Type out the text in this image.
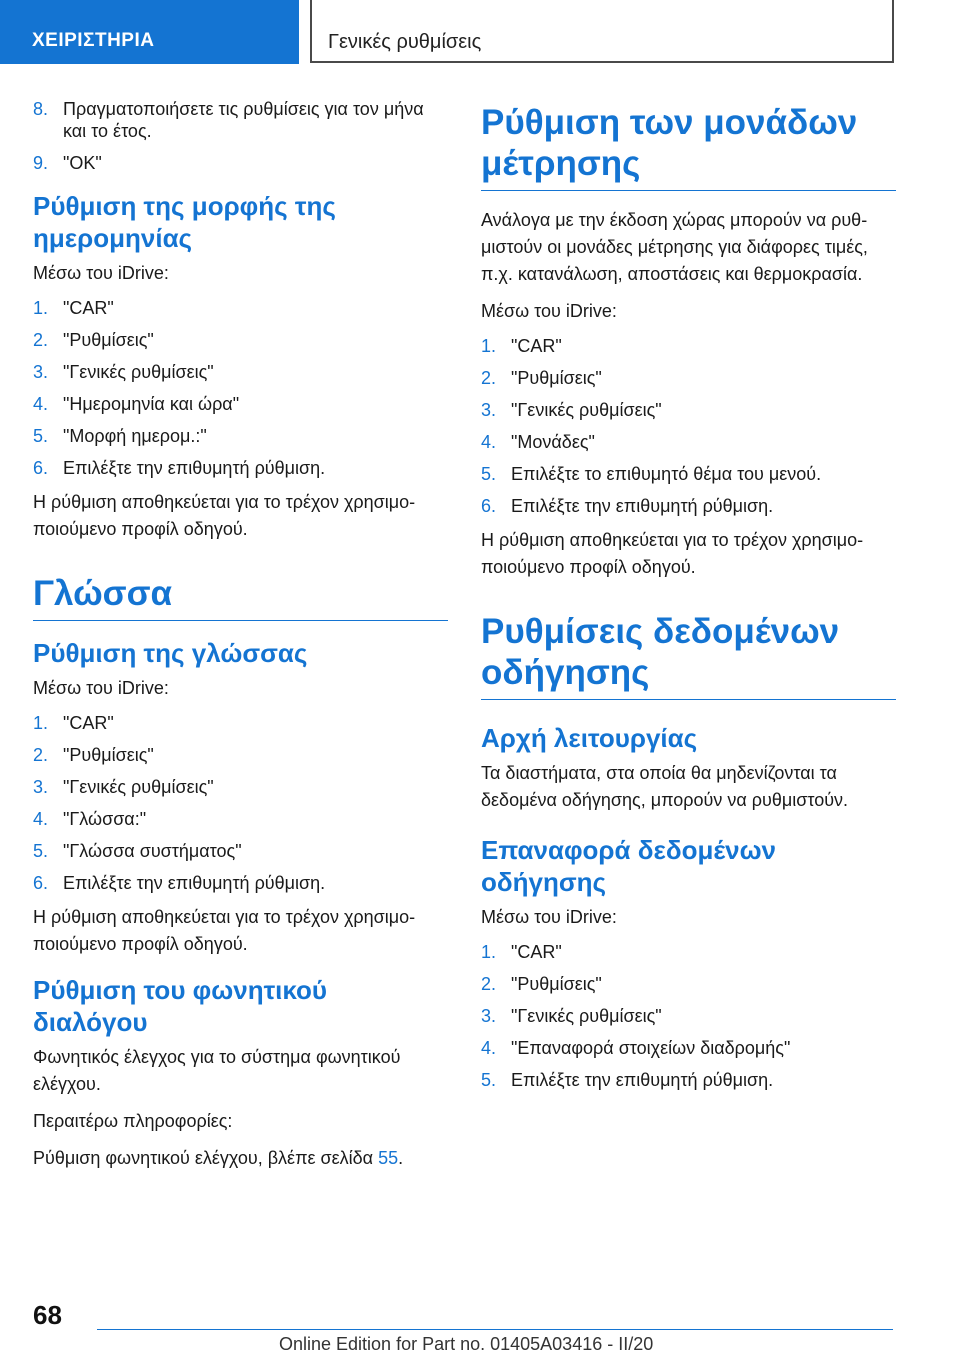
ΧΕΙΡΙΣΤΗΡΙΑ	Γενικές ρυθμίσεις
8. Πραγματοποιήσετε τις ρυθμίσεις για τον μήνα και το έτος.
9. "OK"
Ρύθμιση της μορφής της ημερομηνίας

Μέσω του iDrive:

1. "CAR"
2. "Ρυθμίσεις"
3. "Γενικές ρυθμίσεις"
4. "Ημερομηνία και ώρα"
5. "Μορφή ημερομ.:"
6. Επιλέξτε την επιθυμητή ρύθμιση.

Η ρύθμιση αποθηκεύεται για το τρέχον χρησιμοποιούμενο προφίλ οδηγού.

Γλώσσα
Ρύθμιση της γλώσσας

Μέσω του iDrive:

1. "CAR"
2. "Ρυθμίσεις"
3. "Γενικές ρυθμίσεις"
4. "Γλώσσα:"
5. "Γλώσσα συστήματος"
6. Επιλέξτε την επιθυμητή ρύθμιση.

Η ρύθμιση αποθηκεύεται για το τρέχον χρησιμοποιούμενο προφίλ οδηγού.

Ρύθμιση του φωνητικού διαλόγου

Φωνητικός έλεγχος για το σύστημα φωνητικού ελέγχου.

Περαιτέρω πληροφορίες:

Ρύθμιση φωνητικού ελέγχου, βλέπε σελίδα 55.

Ρύθμιση των μονάδων μέτρησης

Ανάλογα με την έκδοση χώρας μπορούν να ρυθμιστούν οι μονάδες μέτρησης για διάφορες τιμές, π.χ. κατανάλωση, αποστάσεις και θερμοκρασία.

Μέσω του iDrive:

1. "CAR"
2. "Ρυθμίσεις"
3. "Γενικές ρυθμίσεις"
4. "Μονάδες"
5. Επιλέξτε το επιθυμητό θέμα του μενού.
6. Επιλέξτε την επιθυμητή ρύθμιση.

Η ρύθμιση αποθηκεύεται για το τρέχον χρησιμοποιούμενο προφίλ οδηγού.

Ρυθμίσεις δεδομένων οδήγησης
Αρχή λειτουργίας

Τα διαστήματα, στα οποία θα μηδενίζονται τα δεδομένα οδήγησης, μπορούν να ρυθμιστούν.

Επαναφορά δεδομένων οδήγησης

Μέσω του iDrive:

1. "CAR"
2. "Ρυθμίσεις"
3. "Γενικές ρυθμίσεις"
4. "Επαναφορά στοιχείων διαδρομής"
5. Επιλέξτε την επιθυμητή ρύθμιση.
68
Online Edition for Part no. 01405A03416 - II/20
